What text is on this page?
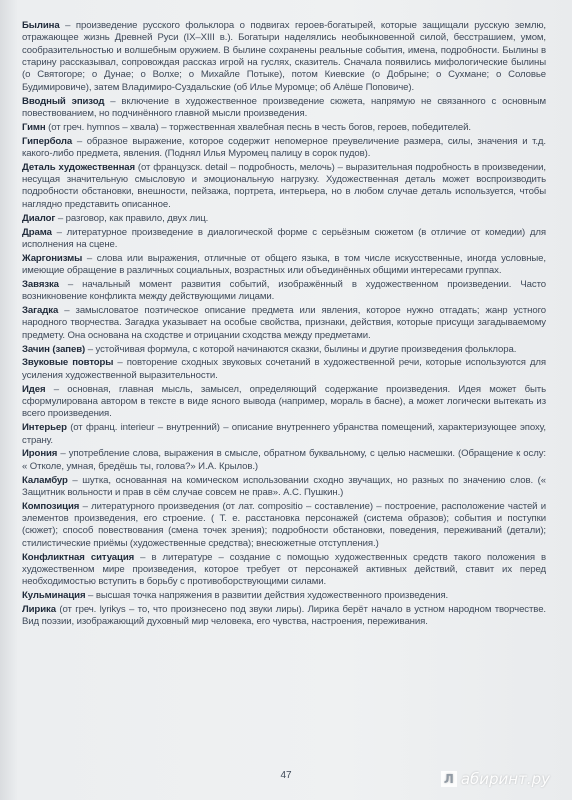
Былина – произведение русского фольклора о подвигах героев-богатырей, которые защищали русскую землю, отражающее жизнь Древней Руси (IX–XIII в.). Богатыри наделялись необыкновенной силой, бесстрашием, умом, сообразительностью и волшебным оружием. В былине сохранены реальные события, имена, подробности. Былины в старину рассказывал, сопровождая рассказ игрой на гуслях, сказитель. Сначала появились мифологические былины (о Святогоре; о Дунае; о Волхе; о Михайле Потыке), потом Киевские (о Добрыне; о Сухмане; о Соловье Будимировиче), затем Владимиро-Суздальские (об Илье Муромце; об Алёше Поповиче).
Вводный эпизод – включение в художественное произведение сюжета, напрямую не связанного с основным повествованием, но подчинённого главной мысли произведения.
Гимн (от греч. hymnos – хвала) – торжественная хвалебная песнь в честь богов, героев, победителей.
Гипербола – образное выражение, которое содержит непомерное преувеличение размера, силы, значения и т.д. какого-либо предмета, явления. (Поднял Илья Муромец палицу в сорок пудов).
Деталь художественная (от французск. detail – подробность, мелочь) – выразительная подробность в произведении, несущая значительную смысловую и эмоциональную нагрузку. Художественная деталь может воспроизводить подробности обстановки, внешности, пейзажа, портрета, интерьера, но в любом случае деталь используется, чтобы наглядно представить описанное.
Диалог – разговор, как правило, двух лиц.
Драма – литературное произведение в диалогической форме с серьёзным сюжетом (в отличие от комедии) для исполнения на сцене.
Жаргонизмы – слова или выражения, отличные от общего языка, в том числе искусственные, иногда условные, имеющие обращение в различных социальных, возрастных или объединённых общими интересами группах.
Завязка – начальный момент развития событий, изображённый в художественном произведении. Часто возникновение конфликта между действующими лицами.
Загадка – замысловатое поэтическое описание предмета или явления, которое нужно отгадать; жанр устного народного творчества. Загадка указывает на особые свойства, признаки, действия, которые присущи загадываемому предмету. Она основана на сходстве и отрицании сходства между предметами.
Зачин (запев) – устойчивая формула, с которой начинаются сказки, былины и другие произведения фольклора.
Звуковые повторы – повторение сходных звуковых сочетаний в художественной речи, которые используются для усиления художественной выразительности.
Идея – основная, главная мысль, замысел, определяющий содержание произведения. Идея может быть сформулирована автором в тексте в виде ясного вывода (например, мораль в басне), а может логически вытекать из всего произведения.
Интерьер (от франц. interieur – внутренний) – описание внутреннего убранства помещений, характеризующее эпоху, страну.
Ирония – употребление слова, выражения в смысле, обратном буквальному, с целью насмешки. (Обращение к ослу: « Отколе, умная, бредёшь ты, голова?» И.А. Крылов.)
Каламбур – шутка, основанная на комическом использовании сходно звучащих, но разных по значению слов. (« Защитник вольности и прав в сём случае совсем не прав». А.С. Пушкин.)
Композиция – литературного произведения (от лат. compositio – составление) – построение, расположение частей и элементов произведения, его строение. ( Т. е. расстановка персонажей (система образов); события и поступки (сюжет); способ повествования (смена точек зрения); подробности обстановки, поведения, переживаний (детали); стилистические приёмы (художественные средства); внесюжетные отступления.)
Конфликтная ситуация – в литературе – создание с помощью художественных средств такого положения в художественном мире произведения, которое требует от персонажей активных действий, ставит их перед необходимостью вступить в борьбу с противоборствующими силами.
Кульминация – высшая точка напряжения в развитии действия художественного произведения.
Лирика (от греч. lyrikys – то, что произнесено под звуки лиры). Лирика берёт начало в устном народном творчестве. Вид поэзии, изображающий духовный мир человека, его чувства, настроения, переживания.
47	Л абиринт.ру
